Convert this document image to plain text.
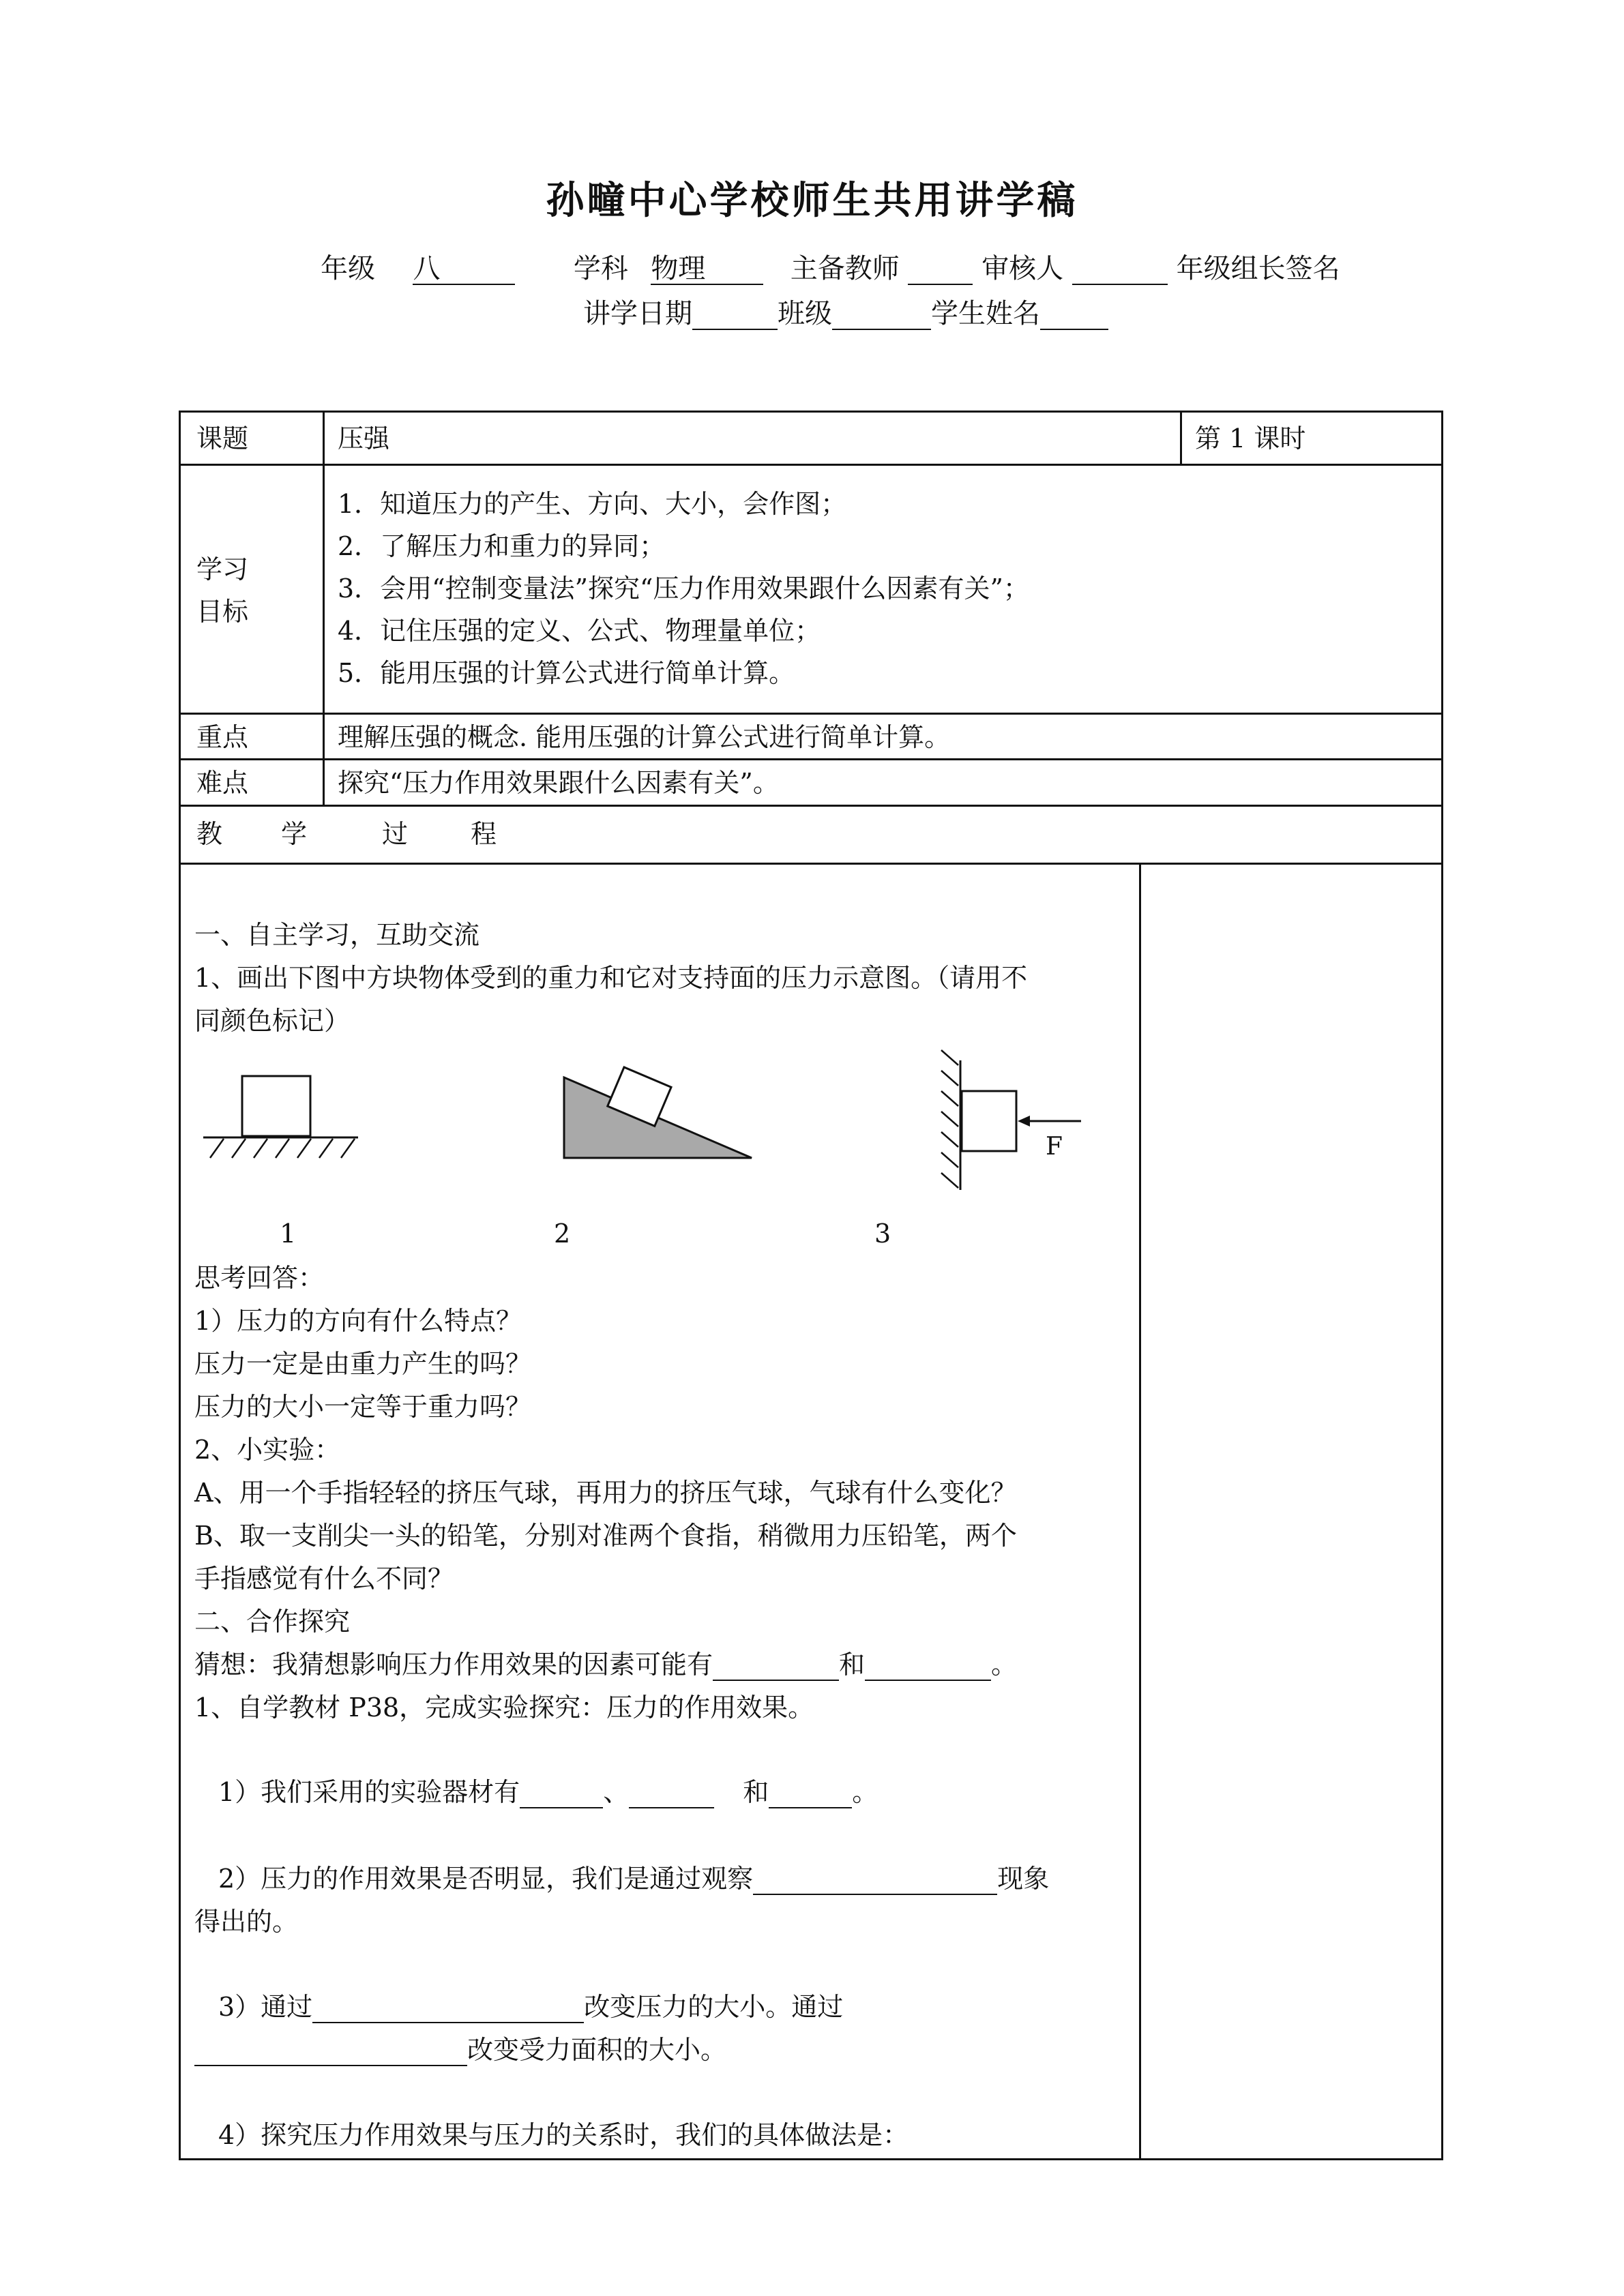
孙疃中心学校师生共用讲学稿
年级 八	学科 物理	主备教师	审核人	年级组长签名
讲学日期	班级	学生姓名
课题	压强	第 1 课时
学习
目标
1．知道压力的产生、方向、大小，会作图；
2．了解压力和重力的异同；
3．会用“控制变量法”探究“压力作用效果跟什么因素有关”；
4．记住压强的定义、公式、物理量单位；
5．能用压强的计算公式进行简单计算。
重点	理解压强的概念. 能用压强的计算公式进行简单计算。
难点	探究“压力作用效果跟什么因素有关”。
教 学	过 程
一、自主学习，互助交流
1、画出下图中方块物体受到的重力和它对支持面的压力示意图。（请用不
同颜色标记）
F
1	2	3
思考回答：
1）压力的方向有什么特点？
压力一定是由重力产生的吗？
压力的大小一定等于重力吗？
2、小实验：
A、用一个手指轻轻的挤压气球，再用力的挤压气球，气球有什么变化？
B、取一支削尖一头的铅笔，分别对准两个食指，稍微用力压铅笔，两个
手指感觉有什么不同？
二、合作探究
猜想：我猜想影响压力作用效果的因素可能有	和	。
1、自学教材 P38，完成实验探究：压力的作用效果。
1）我们采用的实验器材有	、	和	。
2）压力的作用效果是否明显，我们是通过观察	现象
得出的。
3）通过	改变压力的大小。通过
改变受力面积的大小。
4）探究压力作用效果与压力的关系时，我们的具体做法是：
